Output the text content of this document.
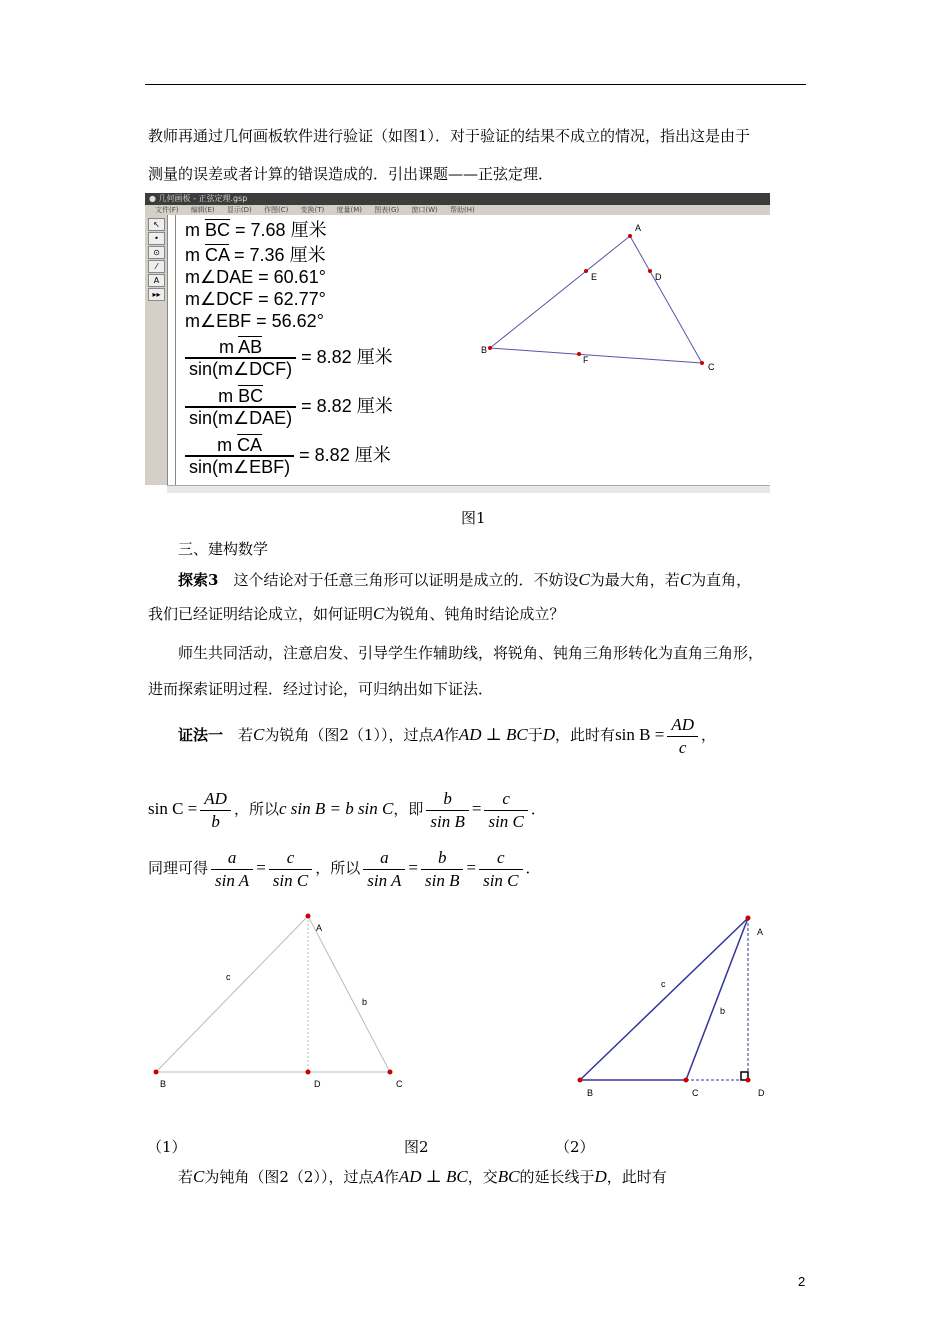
教师再通过几何画板软件进行验证（如图1）．对于验证的结果不成立的情况，指出这是由于
测量的误差或者计算的错误造成的．引出课题——正弦定理．
● 几何画板 - 正弦定理.gsp
文件(F) 编辑(E) 显示(D) 作图(C) 变换(T) 度量(M) 图表(G) 窗口(W) 帮助(H)
↖
•
⊙
⁄
A
▸▸
m $\overline{BC} = 7.68$ 厘米
m $\overline{CA} = 7.36$ 厘米
m∠DAE = 60.61°
m∠DCF = 62.77°
m∠EBF = 56.62°
$\frac{m \overline{AB}}{\text{sin(m∠DCF)}} = 8.82$ 厘米
$\frac{m \overline{BC}}{\text{sin(m∠DAE)}} = 8.82$ 厘米
$\frac{m \overline{CA}}{\text{sin(m∠EBF)}} = 8.82$ 厘米
A
B
C
D
E
F
图1
三、建构数学
探索3　这个结论对于任意三角形可以证明是成立的．不妨设C为最大角，若C为直角，
我们已经证明结论成立，如何证明C为锐角、钝角时结论成立？
师生共同活动，注意启发、引导学生作辅助线，将锐角、钝角三角形转化为直角三角形，
进而探索证明过程．经过讨论，可归纳出如下证法．
证法一　若C为锐角（图2（1）），过点A作AD ⊥ BC于D，此时有$\sin B = \frac{AD}{c}$ ，
$\sin C = \frac{AD}{b}$ ，所以c sin B = b sin C，即 $\frac{b}{\text{sin B}} = \frac{c}{\text{sin C}}$ ．
同理可得 $\frac{a}{\text{sin A}} = \frac{c}{\text{sin C}}$ ，所以 $\frac{a}{\text{sin A}} = \frac{b}{\text{sin B}} = \frac{c}{\text{sin C}}$ ．
A
B	D	C
c
b
A
B	C	D
c
b
（1）	图2	（2）
若C为钝角（图2（2）），过点A作AD ⊥ BC，交BC的延长线于D，此时有
2
